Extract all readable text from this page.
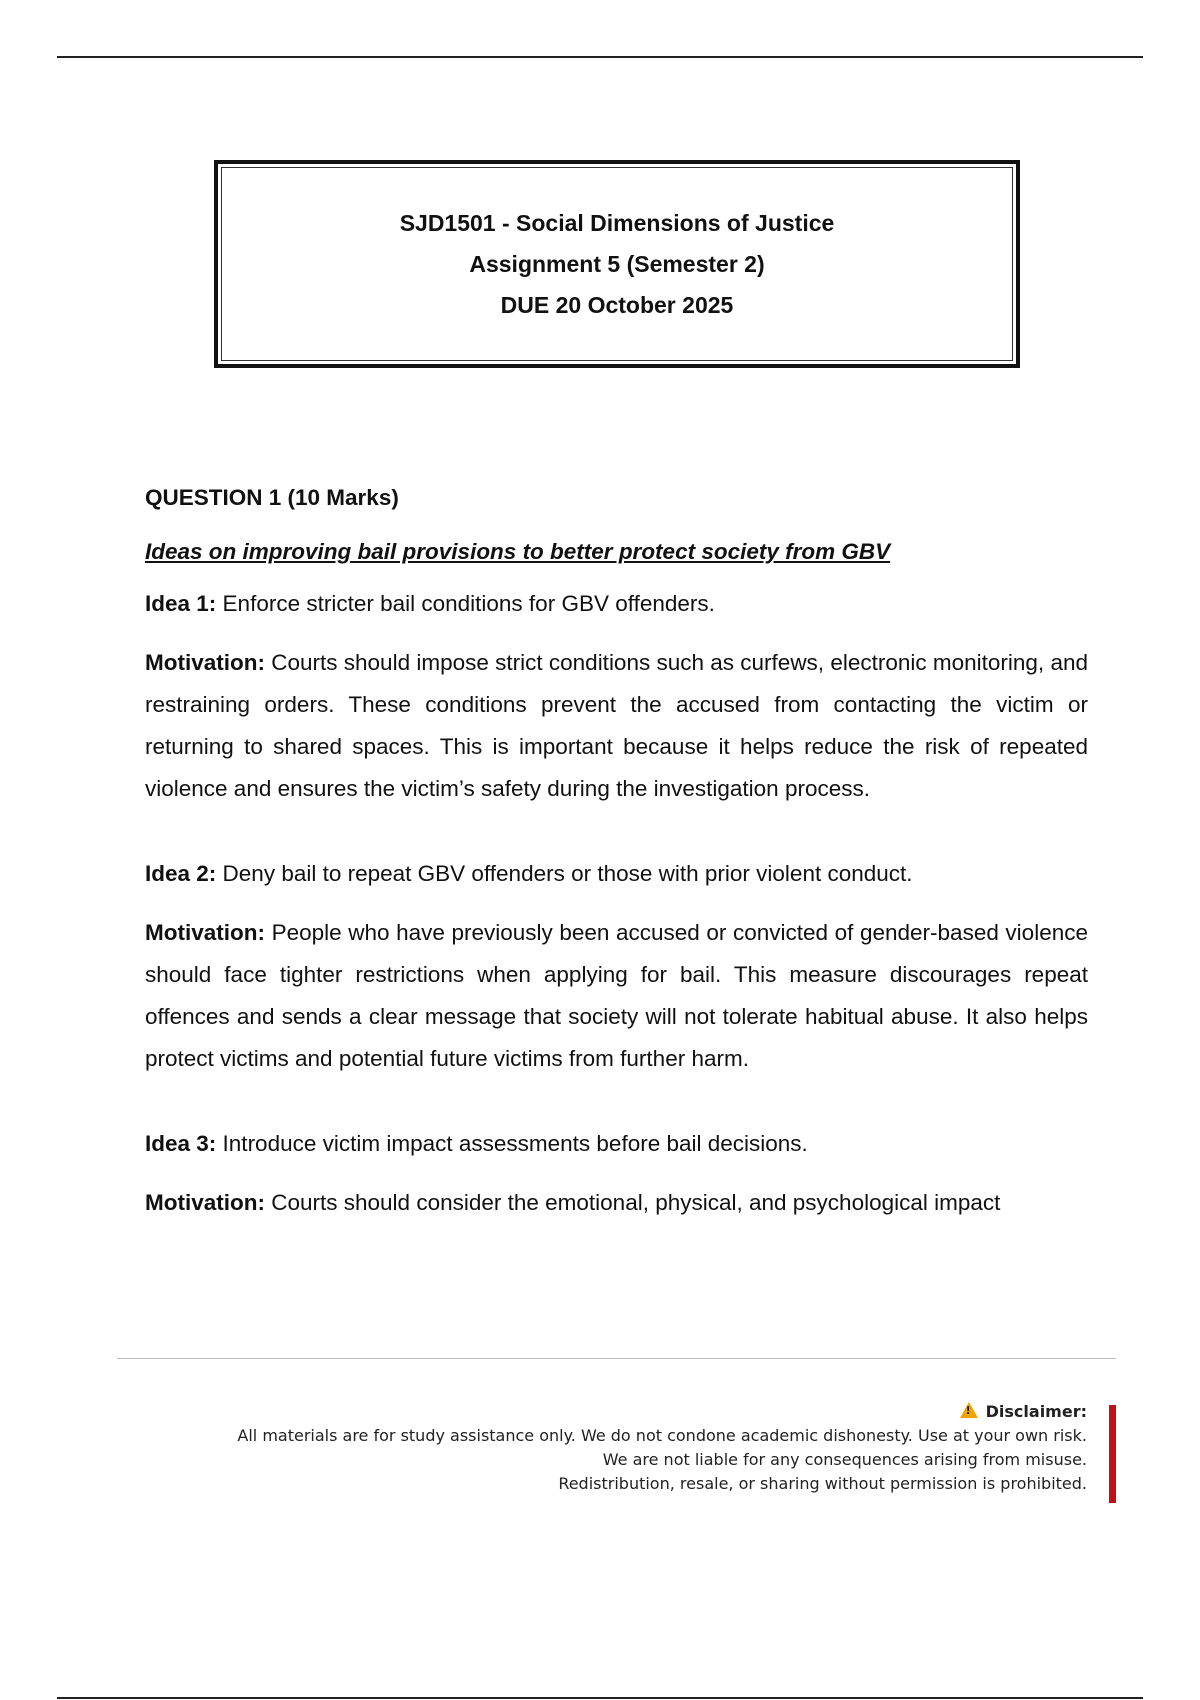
SJD1501 - Social Dimensions of Justice
Assignment 5 (Semester 2)
DUE 20 October 2025
QUESTION 1 (10 Marks)
Ideas on improving bail provisions to better protect society from GBV
Idea 1: Enforce stricter bail conditions for GBV offenders.
Motivation: Courts should impose strict conditions such as curfews, electronic monitoring, and restraining orders. These conditions prevent the accused from contacting the victim or returning to shared spaces. This is important because it helps reduce the risk of repeated violence and ensures the victim’s safety during the investigation process.
Idea 2: Deny bail to repeat GBV offenders or those with prior violent conduct.
Motivation: People who have previously been accused or convicted of gender-based violence should face tighter restrictions when applying for bail. This measure discourages repeat offences and sends a clear message that society will not tolerate habitual abuse. It also helps protect victims and potential future victims from further harm.
Idea 3: Introduce victim impact assessments before bail decisions.
Motivation: Courts should consider the emotional, physical, and psychological impact
!Disclaimer:
All materials are for study assistance only. We do not condone academic dishonesty. Use at your own risk.
We are not liable for any consequences arising from misuse.
Redistribution, resale, or sharing without permission is prohibited.
